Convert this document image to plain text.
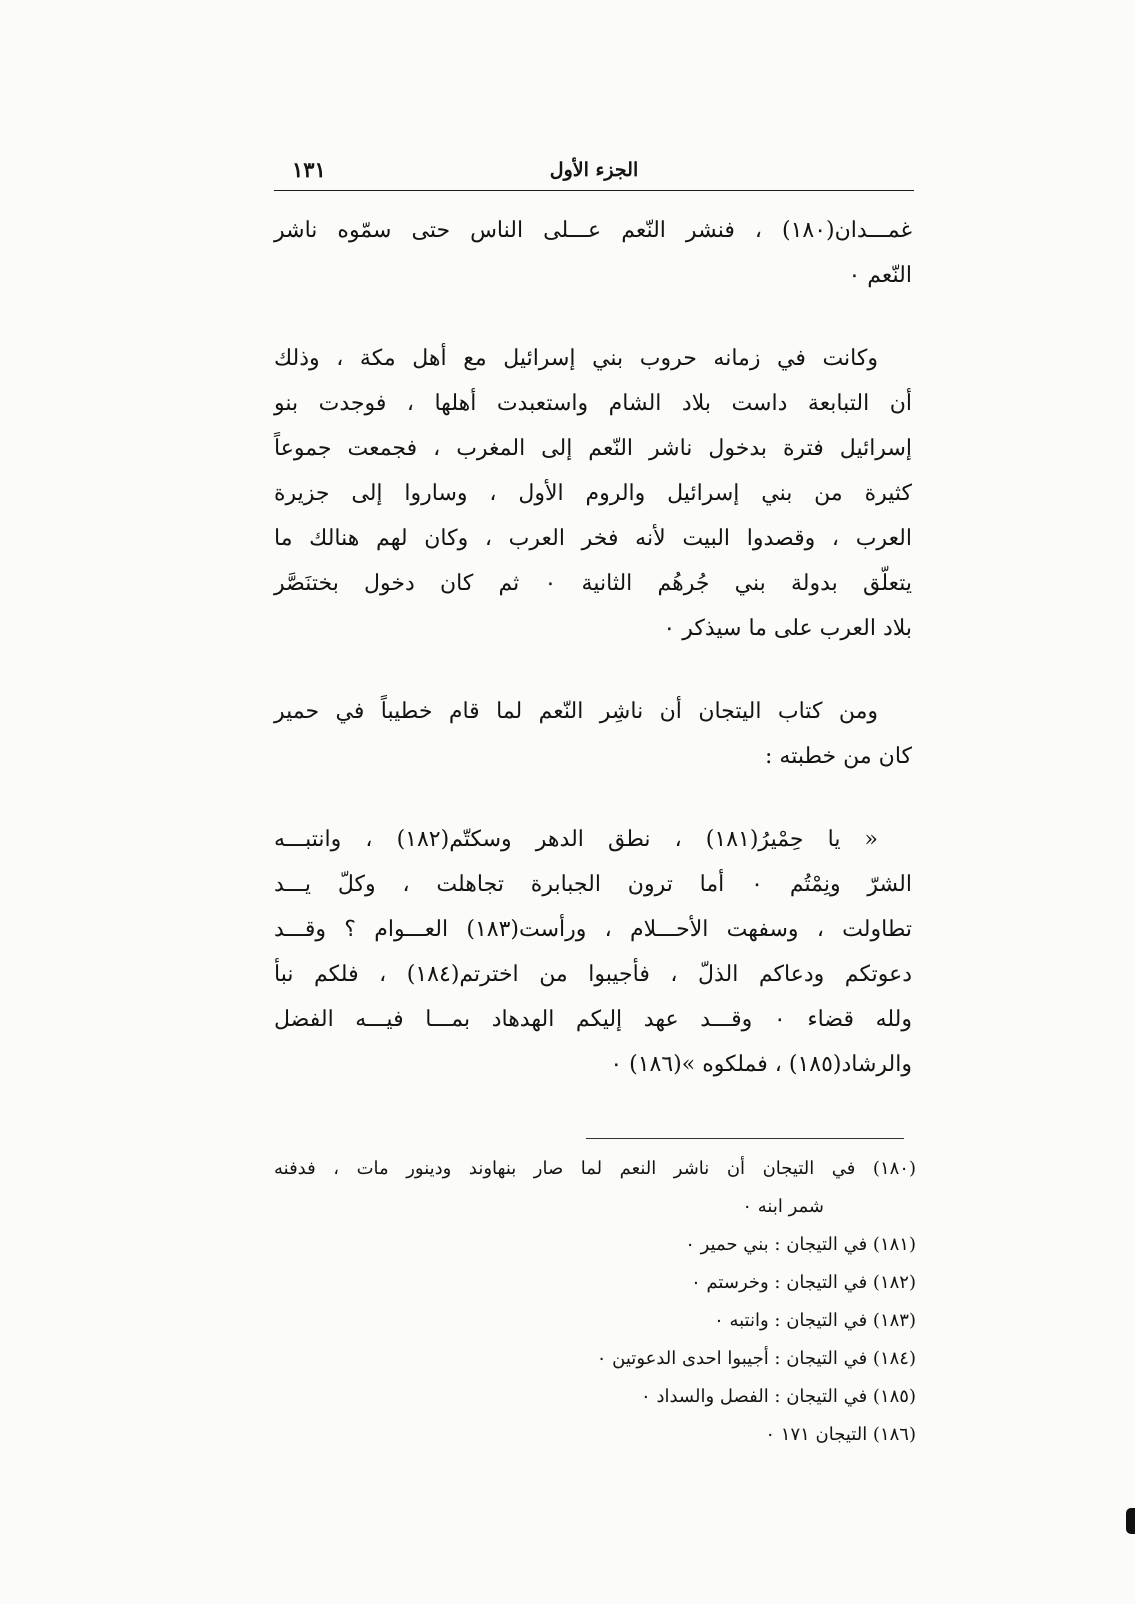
الجزء الأول
١٣١
غمـــدان(١٨٠) ، فنشر النّعم عـــلى الناس حتى سمّوه ناشر
النّعم ٠
وكانت في زمانه حروب بني إسرائيل مع أهل مكة ، وذلك
أن التبابعة داست بلاد الشام واستعبدت أهلها ، فوجدت بنو
إسرائيل فترة بدخول ناشر النّعم إلى المغرب ، فجمعت جموعاً
كثيرة من بني إسرائيل والروم الأول ، وساروا إلى جزيرة
العرب ، وقصدوا البيت لأنه فخر العرب ، وكان لهم هنالك ما
يتعلّق بدولة بني جُرهُم الثانية ٠ ثم كان دخول بختنَصَّر
بلاد العرب على ما سيذكر ٠
ومن كتاب اليتجان أن ناشِر النّعم لما قام خطيباً في حمير
كان من خطبته :
« يا حِمْيرُ(١٨١) ، نطق الدهر وسكتّم(١٨٢) ، وانتبـــه
الشرّ ونِمْتُم ٠ أما ترون الجبابرة تجاهلت ، وكلّ يـــد
تطاولت ، وسفهت الأحـــلام ، ورأست(١٨٣) العـــوام ؟ وقـــد
دعوتكم ودعاكم الذلّ ، فأجيبوا من اخترتم(١٨٤) ، فلكم نبأ
ولله قضاء ٠ وقـــد عهد إليكم الهدهاد بمـــا فيـــه الفضل
والرشاد(١٨٥) ، فملكوه »(١٨٦) ٠
(١٨٠) في التيجان أن ناشر النعم لما صار بنهاوند ودينور مات ، فدفنه
شمر ابنه ٠
(١٨١) في التيجان : بني حمير ٠
(١٨٢) في التيجان : وخرستم ٠
(١٨٣) في التيجان : وانتبه ٠
(١٨٤) في التيجان : أجيبوا احدى الدعوتين ٠
(١٨٥) في التيجان : الفصل والسداد ٠
(١٨٦) التيجان ١٧١ ٠
